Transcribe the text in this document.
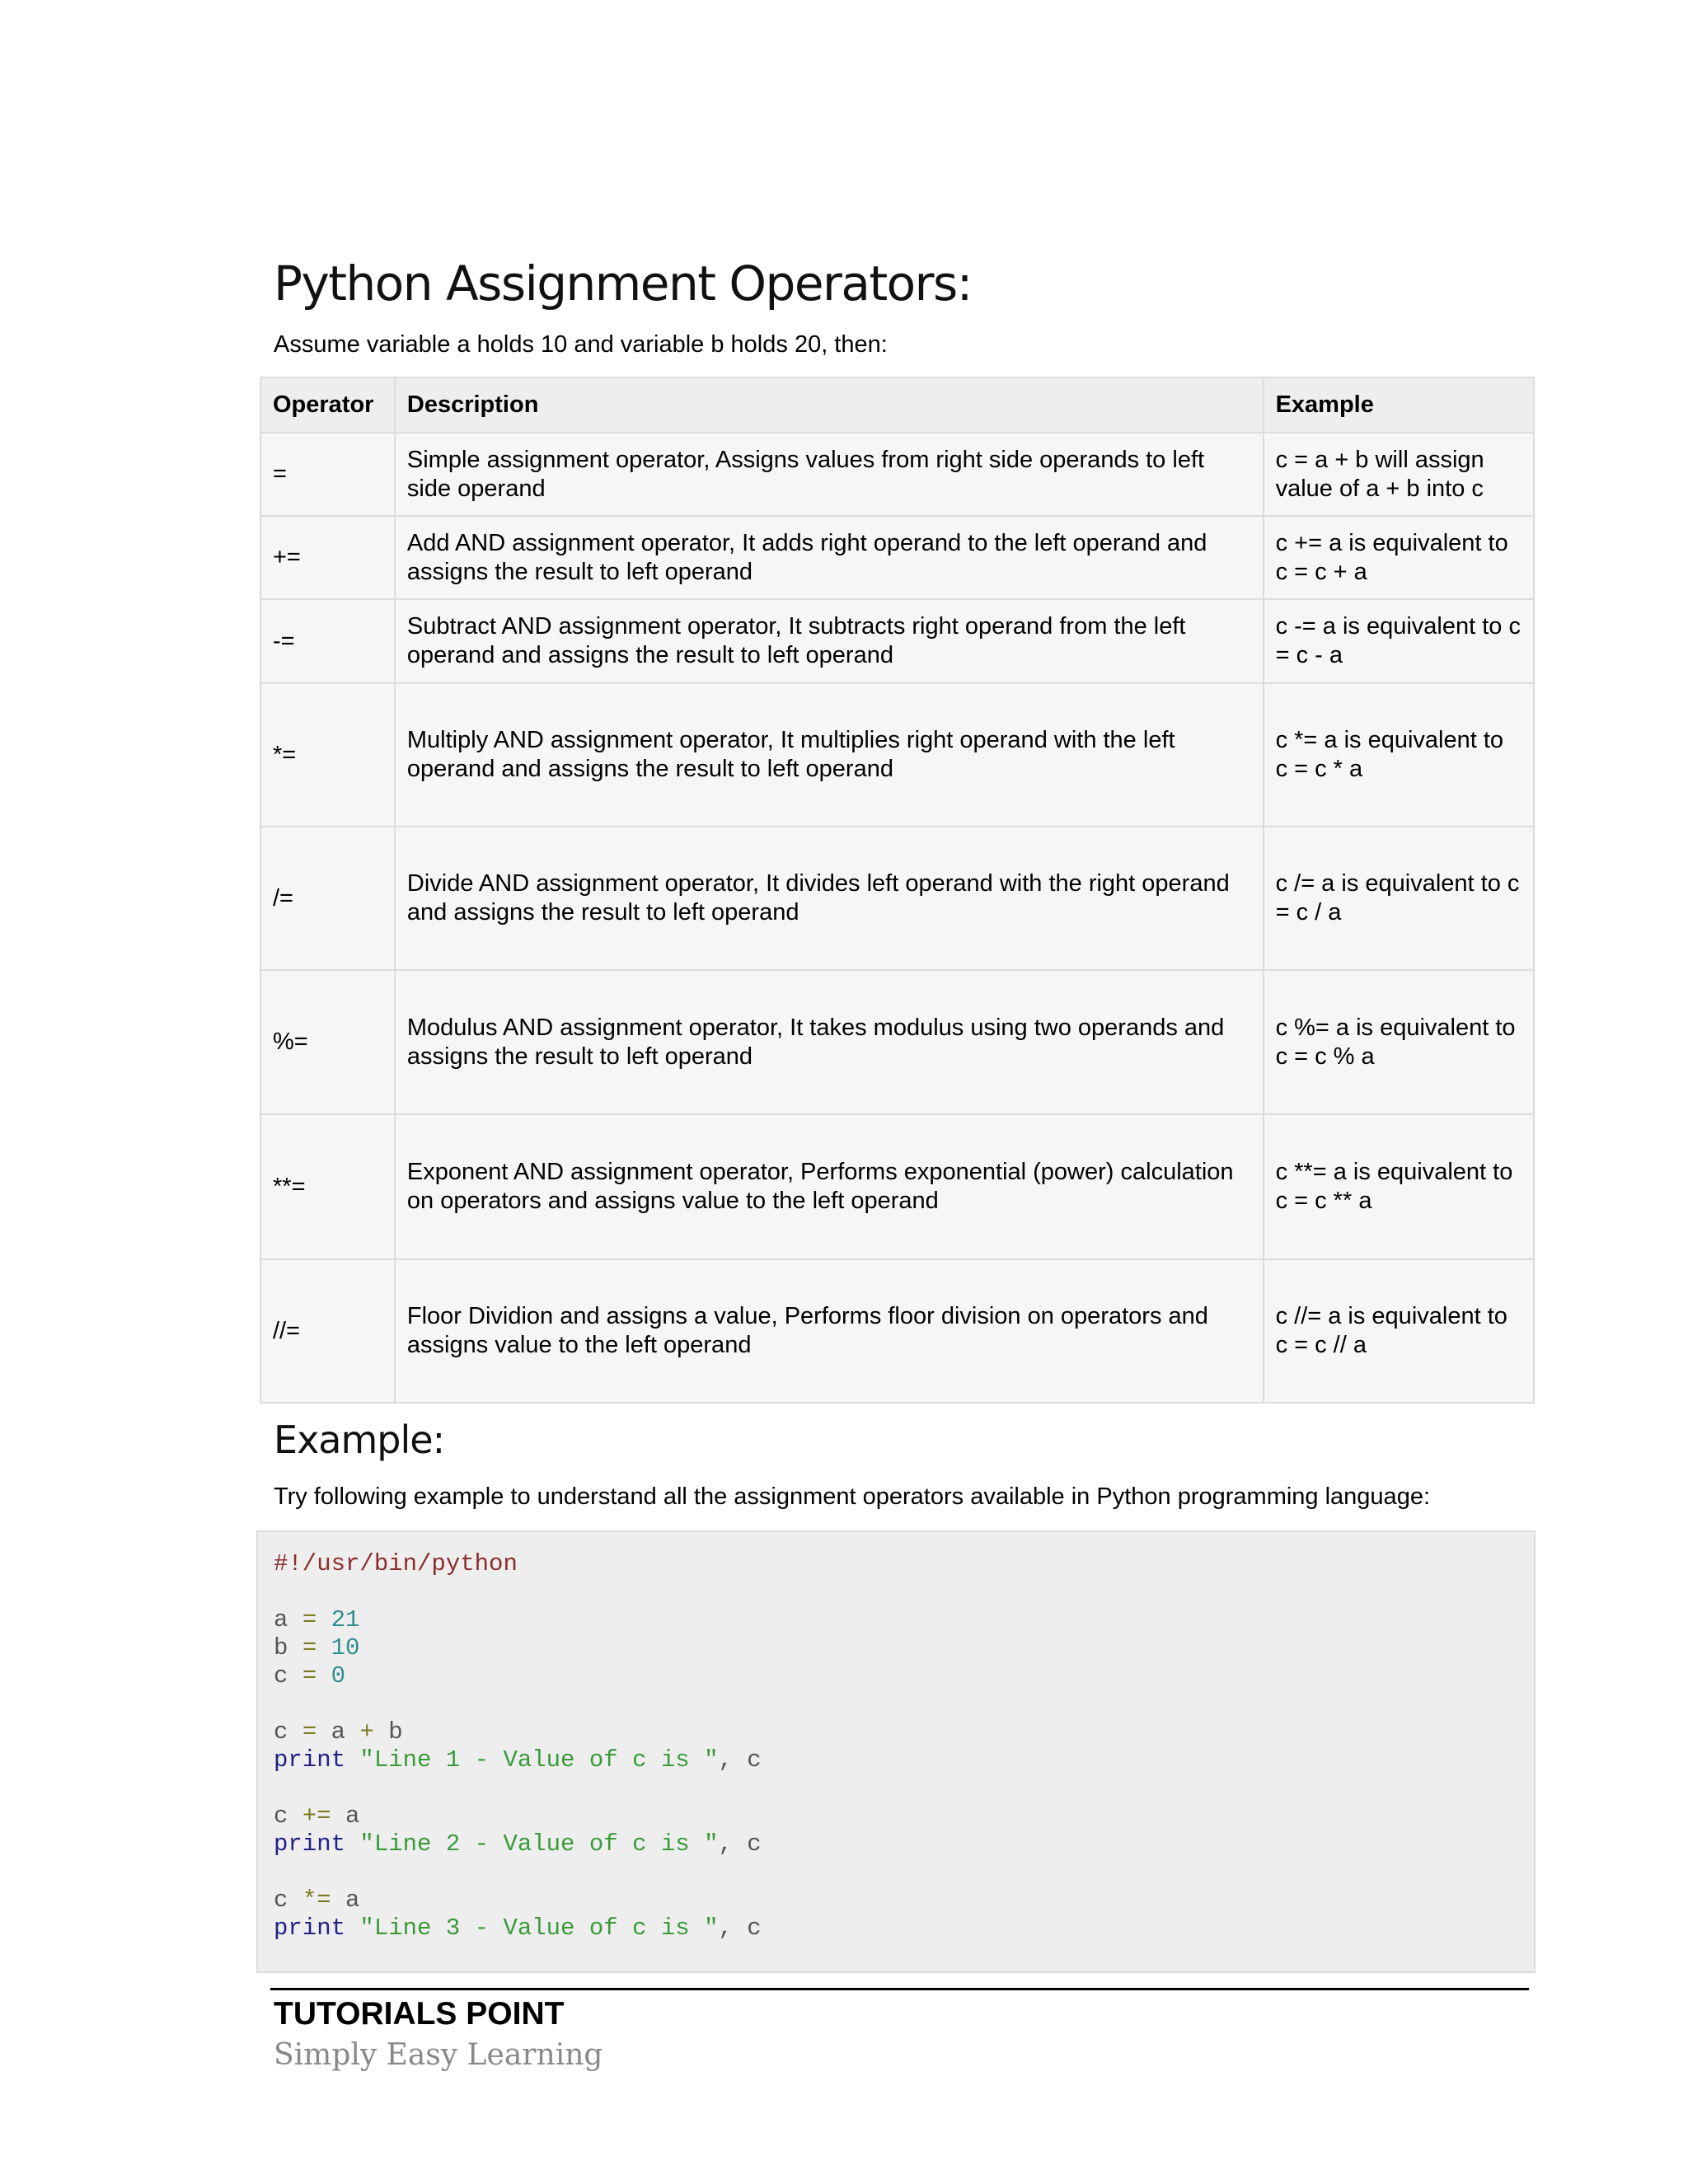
Python Assignment Operators:
Assume variable a holds 10 and variable b holds 20, then:
Operator	Description	Example
=	Simple assignment operator, Assigns values from right side operands to left side operand	c = a + b will assign value of a + b into c
+=	Add AND assignment operator, It adds right operand to the left operand and assigns the result to left operand	c += a is equivalent to c = c + a
-=	Subtract AND assignment operator, It subtracts right operand from the left operand and assigns the result to left operand	c -= a is equivalent to c = c - a
*=	Multiply AND assignment operator, It multiplies right operand with the left operand and assigns the result to left operand	c *= a is equivalent to c = c * a
/=	Divide AND assignment operator, It divides left operand with the right operand and assigns the result to left operand	c /= a is equivalent to c = c / a
%=	Modulus AND assignment operator, It takes modulus using two operands and assigns the result to left operand	c %= a is equivalent to c = c % a
**=	Exponent AND assignment operator, Performs exponential (power) calculation on operators and assigns value to the left operand	c **= a is equivalent to c = c ** a
//=	Floor Dividion and assigns a value, Performs floor division on operators and assigns value to the left operand	c //= a is equivalent to c = c // a
Example:
Try following example to understand all the assignment operators available in Python programming language:
#!/usr/bin/python
a = 21
b = 10
c = 0
c = a + b
print "Line 1 - Value of c is ", c
c += a
print "Line 2 - Value of c is ", c
c *= a
print "Line 3 - Value of c is ", c
TUTORIALS POINT
Simply Easy Learning
